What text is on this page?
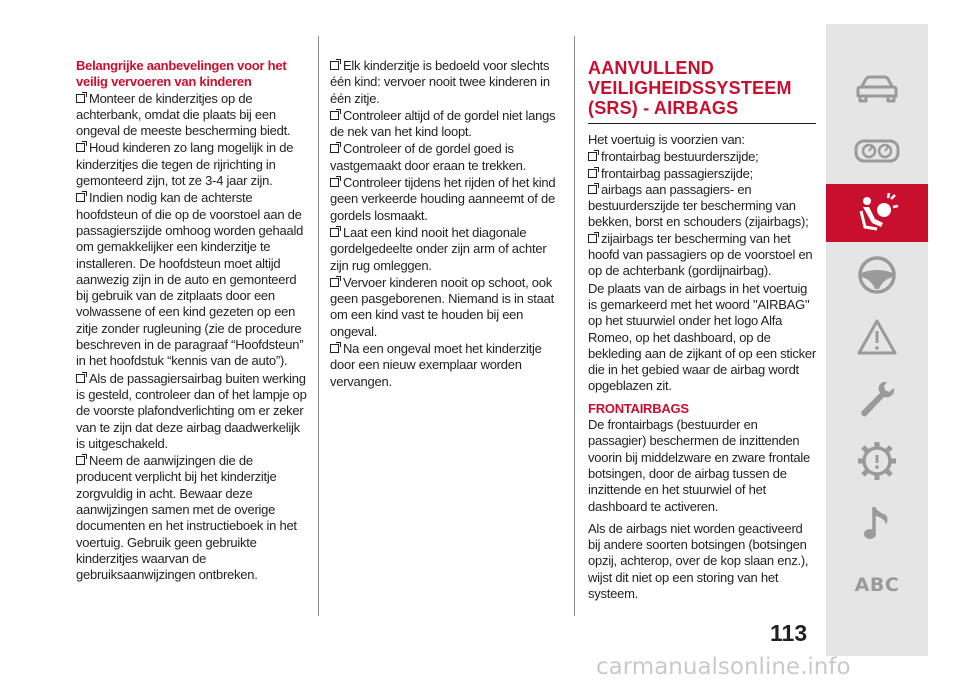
Belangrijke aanbevelingen voor het veilig vervoeren van kinderen
Monteer de kinderzitjes op de achterbank, omdat die plaats bij een ongeval de meeste bescherming biedt.
Houd kinderen zo lang mogelijk in de kinderzitjes die tegen de rijrichting in gemonteerd zijn, tot ze 3-4 jaar zijn.
Indien nodig kan de achterste hoofdsteun of die op de voorstoel aan de passagierszijde omhoog worden gehaald om gemakkelijker een kinderzitje te installeren. De hoofdsteun moet altijd aanwezig zijn in de auto en gemonteerd bij gebruik van de zitplaats door een volwassene of een kind gezeten op een zitje zonder rugleuning (zie de procedure beschreven in de paragraaf “Hoofdsteun” in het hoofdstuk “kennis van de auto”).
Als de passagiersairbag buiten werking is gesteld, controleer dan of het lampje op de voorste plafondverlichting om er zeker van te zijn dat deze airbag daadwerkelijk is uitgeschakeld.
Neem de aanwijzingen die de producent verplicht bij het kinderzitje zorgvuldig in acht. Bewaar deze aanwijzingen samen met de overige documenten en het instructieboek in het voertuig. Gebruik geen gebruikte kinderzitjes waarvan de gebruiksaanwijzingen ontbreken.
Elk kinderzitje is bedoeld voor slechts één kind: vervoer nooit twee kinderen in één zitje.
Controleer altijd of de gordel niet langs de nek van het kind loopt.
Controleer of de gordel goed is vastgemaakt door eraan te trekken.
Controleer tijdens het rijden of het kind geen verkeerde houding aanneemt of de gordels losmaakt.
Laat een kind nooit het diagonale gordelgedeelte onder zijn arm of achter zijn rug omleggen.
Vervoer kinderen nooit op schoot, ook geen pasgeborenen. Niemand is in staat om een kind vast te houden bij een ongeval.
Na een ongeval moet het kinderzitje door een nieuw exemplaar worden vervangen.
AANVULLEND VEILIGHEIDSSYSTEEM (SRS) - AIRBAGS
Het voertuig is voorzien van:
frontairbag bestuurderszijde;
frontairbag passagierszijde;
airbags aan passagiers- en bestuurderszijde ter bescherming van bekken, borst en schouders (zijairbags);
zijairbags ter bescherming van het hoofd van passagiers op de voorstoel en op de achterbank (gordijnairbag).
De plaats van de airbags in het voertuig is gemarkeerd met het woord "AIRBAG" op het stuurwiel onder het logo Alfa Romeo, op het dashboard, op de bekleding aan de zijkant of op een sticker die in het gebied waar de airbag wordt opgeblazen zit.
FRONTAIRBAGS
De frontairbags (bestuurder en passagier) beschermen de inzittenden voorin bij middelzware en zware frontale botsingen, door de airbag tussen de inzittende en het stuurwiel of het dashboard te activeren.
Als de airbags niet worden geactiveerd bij andere soorten botsingen (botsingen opzij, achterop, over de kop slaan enz.), wijst dit niet op een storing van het systeem.
113
ABC
carmanualsonline.info
